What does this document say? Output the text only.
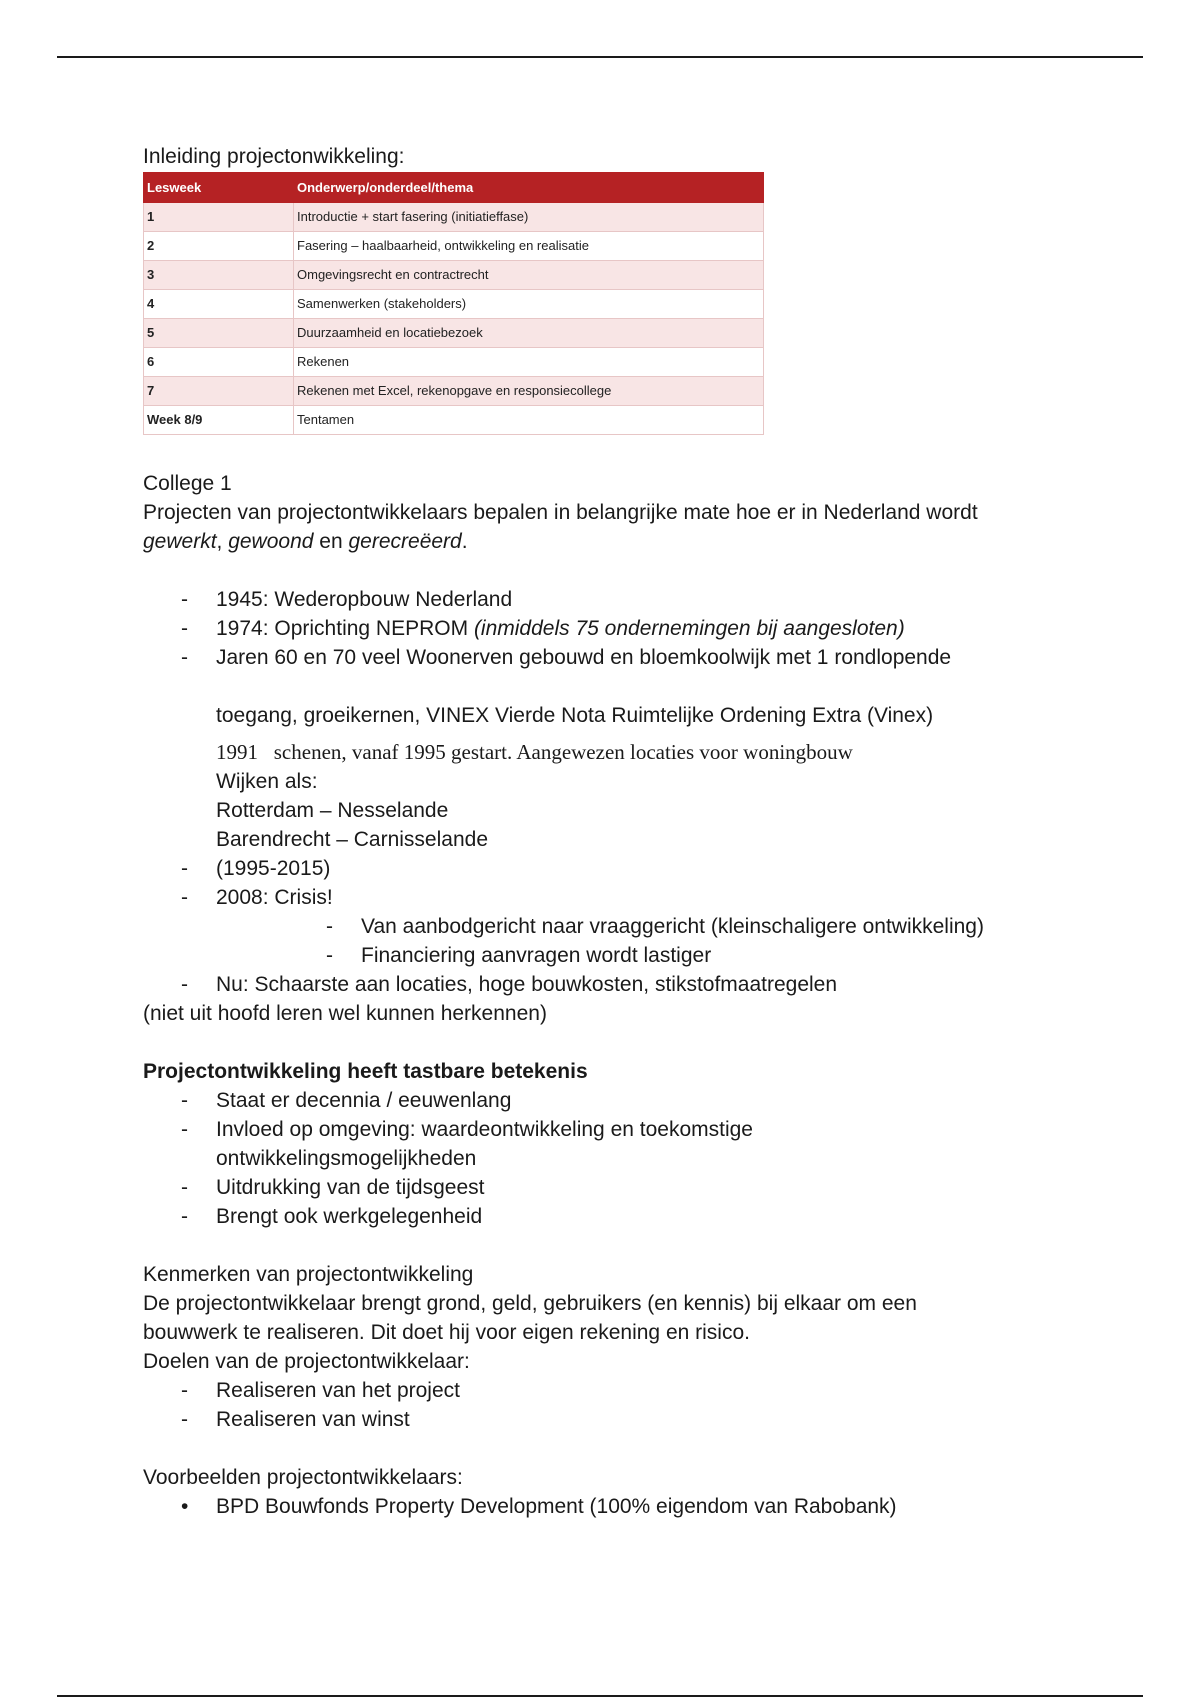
Inleiding projectonwikkeling:

Lesweek	Onderwerp/onderdeel/thema
1	Introductie + start fasering (initiatieffase)
2	Fasering – haalbaarheid, ontwikkeling en realisatie
3	Omgevingsrecht en contractrecht
4	Samenwerken (stakeholders)
5	Duurzaamheid en locatiebezoek
6	Rekenen
7	Rekenen met Excel, rekenopgave en responsiecollege
Week 8/9	Tentamen

College 1

Projecten van projectontwikkelaars bepalen in belangrijke mate hoe er in Nederland wordt
gewerkt, gewoond en gerecreëerd.

- 1945: Wederopbouw Nederland
- 1974: Oprichting NEPROM (inmiddels 75 ondernemingen bij aangesloten)
- Jaren 60 en 70 veel Woonerven gebouwd en bloemkoolwijk met 1 rondlopende

toegang, groeikernen, VINEX Vierde Nota Ruimtelijke Ordening Extra (Vinex)

1991 schenen, vanaf 1995 gestart. Aangewezen locaties voor woningbouw

Wijken als:

Rotterdam – Nesselande

Barendrecht – Carnisselande

- (1995-2015)
- 2008: Crisis!
- Van aanbodgericht naar vraaggericht (kleinschaligere ontwikkeling)
- Financiering aanvragen wordt lastiger
- Nu: Schaarste aan locaties, hoge bouwkosten, stikstofmaatregelen

(niet uit hoofd leren wel kunnen herkennen)

Projectontwikkeling heeft tastbare betekenis

- Staat er decennia / eeuwenlang
- Invloed op omgeving: waardeontwikkeling en toekomstige ontwikkelingsmogelijkheden
- Uitdrukking van de tijdsgeest
- Brengt ook werkgelegenheid

Kenmerken van projectontwikkeling

De projectontwikkelaar brengt grond, geld, gebruikers (en kennis) bij elkaar om een bouwwerk te realiseren. Dit doet hij voor eigen rekening en risico.

Doelen van de projectontwikkelaar:

- Realiseren van het project
- Realiseren van winst

Voorbeelden projectontwikkelaars:

• BPD Bouwfonds Property Development (100% eigendom van Rabobank)
